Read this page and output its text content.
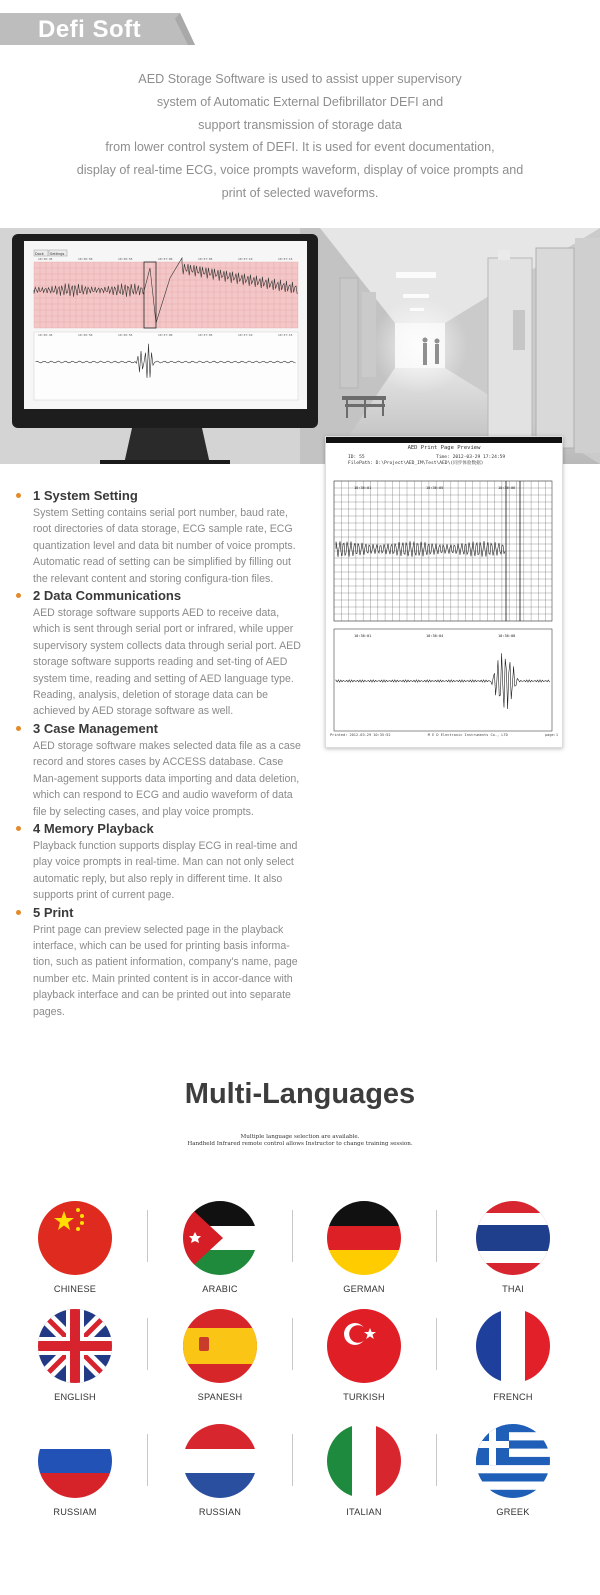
Defi Soft
AED Storage Software is used to assist upper supervisory
system of Automatic External Defibrillator DEFI and
support transmission of storage data
from lower control system of DEFI. It is used for event documentation,
display of real-time ECG, voice prompts waveform, display of voice prompts and
print of selected waveforms.
Dock Settings
10:36:45	10:36:50	10:36:55	10:37:00	10:37:05	10:37:10	10:37:15
10:36:45	10:36:50	10:36:55	10:37:00	10:37:05	10:37:10	10:37:15
AED Print Page Preview
ID: 55	Time: 2012-03-29 17:24:59
FilePath: D:\Project\AED_IM\Test\AED\(同步体验数据)
10:36:01	10:36:05	10:36:06
10:36:01	10:36:04	10:36:08
Printed: 2012-03-29 10:35:52	M E D Electronic Instruments Co., LTD	page:1
1 System Setting

System Setting contains serial port number, baud rate, root directories of data storage, ECG sample rate, ECG quantization level and data bit number of voice prompts. Automatic read of setting can be simplified by filling out the relevant content and storing configura-tion files.

2 Data Communications

AED storage software supports AED to receive data, which is sent through serial port or infrared, while upper supervisory system collects data through serial port. AED storage software supports reading and set-ting of AED system time, reading and setting of AED language type. Reading, analysis, deletion of storage data can be achieved by AED storage software as well.

3 Case Management

AED storage software makes selected data file as a case record and stores cases by ACCESS database. Case Man-agement supports data importing and data deletion, which can respond to ECG and audio waveform of data file by selecting cases, and play voice prompts.

4 Memory Playback

Playback function supports display ECG in real-time and play voice prompts in real-time. Man can not only select automatic reply, but also reply in different time. It also supports print of current page.

5 Print

Print page can preview selected page in the playback interface, which can be used for printing basis informa-tion, such as patient information, company's name, page number etc. Main printed content is in accor-dance with playback interface and can be printed out into separate pages.

Multi-Languages
Multiple language selection are available.
Handheld Infrared remote control allows Instructor to change training session.
CHINESE	ARABIC	GERMAN	THAI
ENGLISH	SPANESH	TURKISH	FRENCH
RUSSIAM	RUSSIAN	ITALIAN	GREEK
